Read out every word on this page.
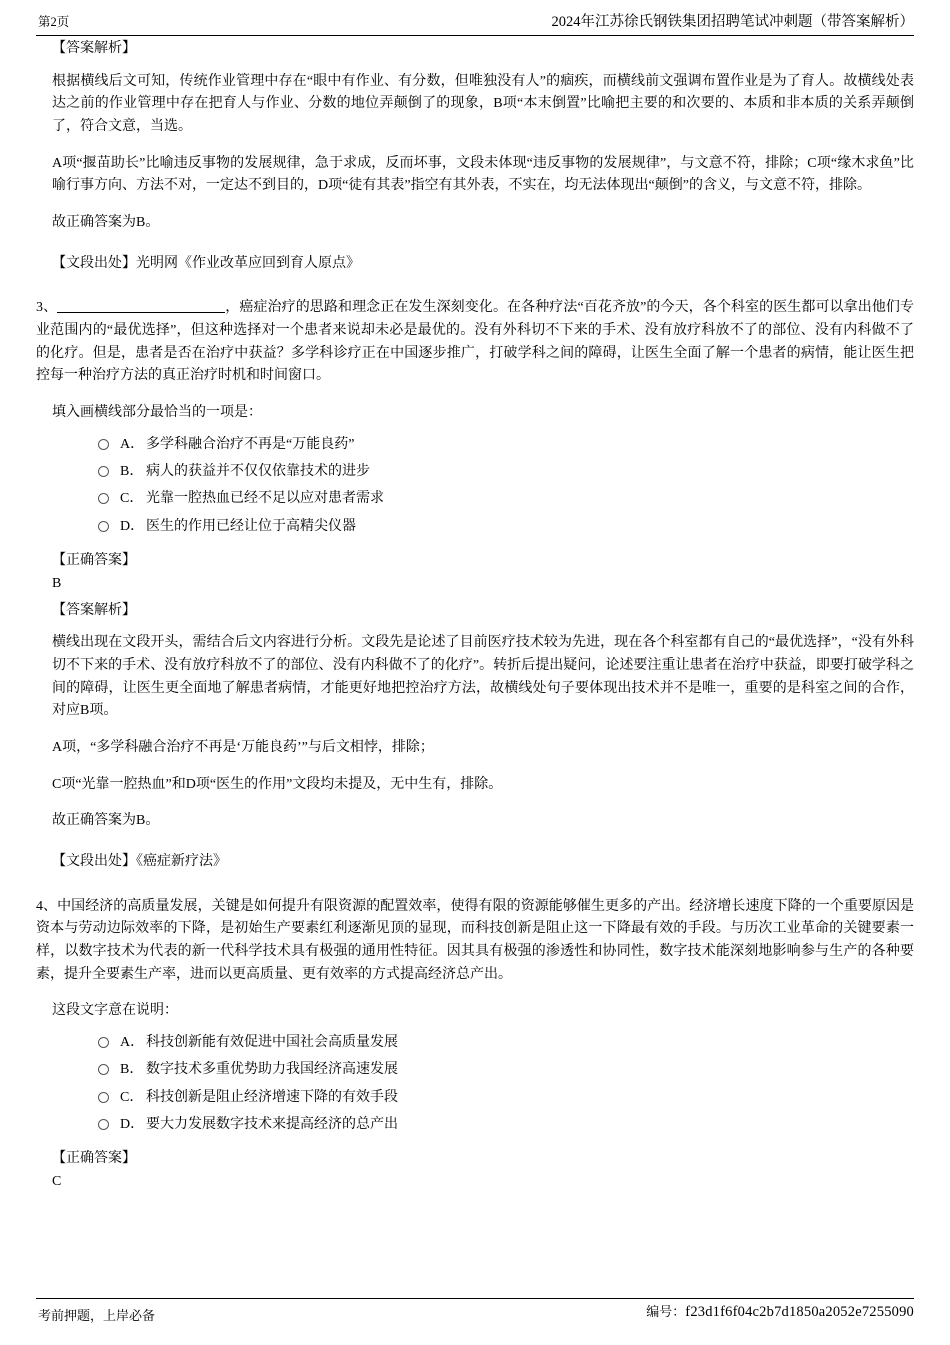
第2页	2024年江苏徐氏钢铁集团招聘笔试冲刺题（带答案解析）
【答案解析】
根据横线后文可知，传统作业管理中存在“眼中有作业、有分数，但唯独没有人”的痼疾，而横线前文强调布置作业是为了育人。故横线处表达之前的作业管理中存在把育人与作业、分数的地位弄颠倒了的现象，B项“本末倒置”比喻把主要的和次要的、本质和非本质的关系弄颠倒了，符合文意，当选。
A项“揠苗助长”比喻违反事物的发展规律，急于求成，反而坏事，文段未体现“违反事物的发展规律”，与文意不符，排除；C项“缘木求鱼”比喻行事方向、方法不对，一定达不到目的，D项“徒有其表”指空有其外表，不实在，均无法体现出“颠倒”的含义，与文意不符，排除。
故正确答案为B。
【文段出处】光明网《作业改革应回到育人原点》
3、	，癌症治疗的思路和理念正在发生深刻变化。在各种疗法“百花齐放”的今天，各个科室的医生都可以拿出他们专业范围内的“最优选择”，但这种选择对一个患者来说却未必是最优的。没有外科切不下来的手术、没有放疗科放不了的部位、没有内科做不了的化疗。但是，患者是否在治疗中获益？多学科诊疗正在中国逐步推广，打破学科之间的障碍，让医生全面了解一个患者的病情，能让医生把控每一种治疗方法的真正治疗时机和时间窗口。
填入画横线部分最恰当的一项是：
A． 多学科融合治疗不再是“万能良药”
B． 病人的获益并不仅仅依靠技术的进步
C． 光靠一腔热血已经不足以应对患者需求
D． 医生的作用已经让位于高精尖仪器
【正确答案】
B
【答案解析】
横线出现在文段开头，需结合后文内容进行分析。文段先是论述了目前医疗技术较为先进，现在各个科室都有自己的“最优选择”，“没有外科切不下来的手术、没有放疗科放不了的部位、没有内科做不了的化疗”。转折后提出疑问，论述要注重让患者在治疗中获益，即要打破学科之间的障碍，让医生更全面地了解患者病情，才能更好地把控治疗方法，故横线处句子要体现出技术并不是唯一，重要的是科室之间的合作，对应B项。
A项，“多学科融合治疗不再是‘万能良药’”与后文相悖，排除；
C项“光靠一腔热血”和D项“医生的作用”文段均未提及，无中生有，排除。
故正确答案为B。
【文段出处】《癌症新疗法》
4、中国经济的高质量发展，关键是如何提升有限资源的配置效率，使得有限的资源能够催生更多的产出。经济增长速度下降的一个重要原因是资本与劳动边际效率的下降，是初始生产要素红利逐渐见顶的显现，而科技创新是阻止这一下降最有效的手段。与历次工业革命的关键要素一样，以数字技术为代表的新一代科学技术具有极强的通用性特征。因其具有极强的渗透性和协同性，数字技术能深刻地影响参与生产的各种要素，提升全要素生产率，进而以更高质量、更有效率的方式提高经济总产出。
这段文字意在说明：
A． 科技创新能有效促进中国社会高质量发展
B． 数字技术多重优势助力我国经济高速发展
C． 科技创新是阻止经济增速下降的有效手段
D． 要大力发展数字技术来提高经济的总产出
【正确答案】
C
考前押题，上岸必备	编号：f23d1f6f04c2b7d1850a2052e7255090
